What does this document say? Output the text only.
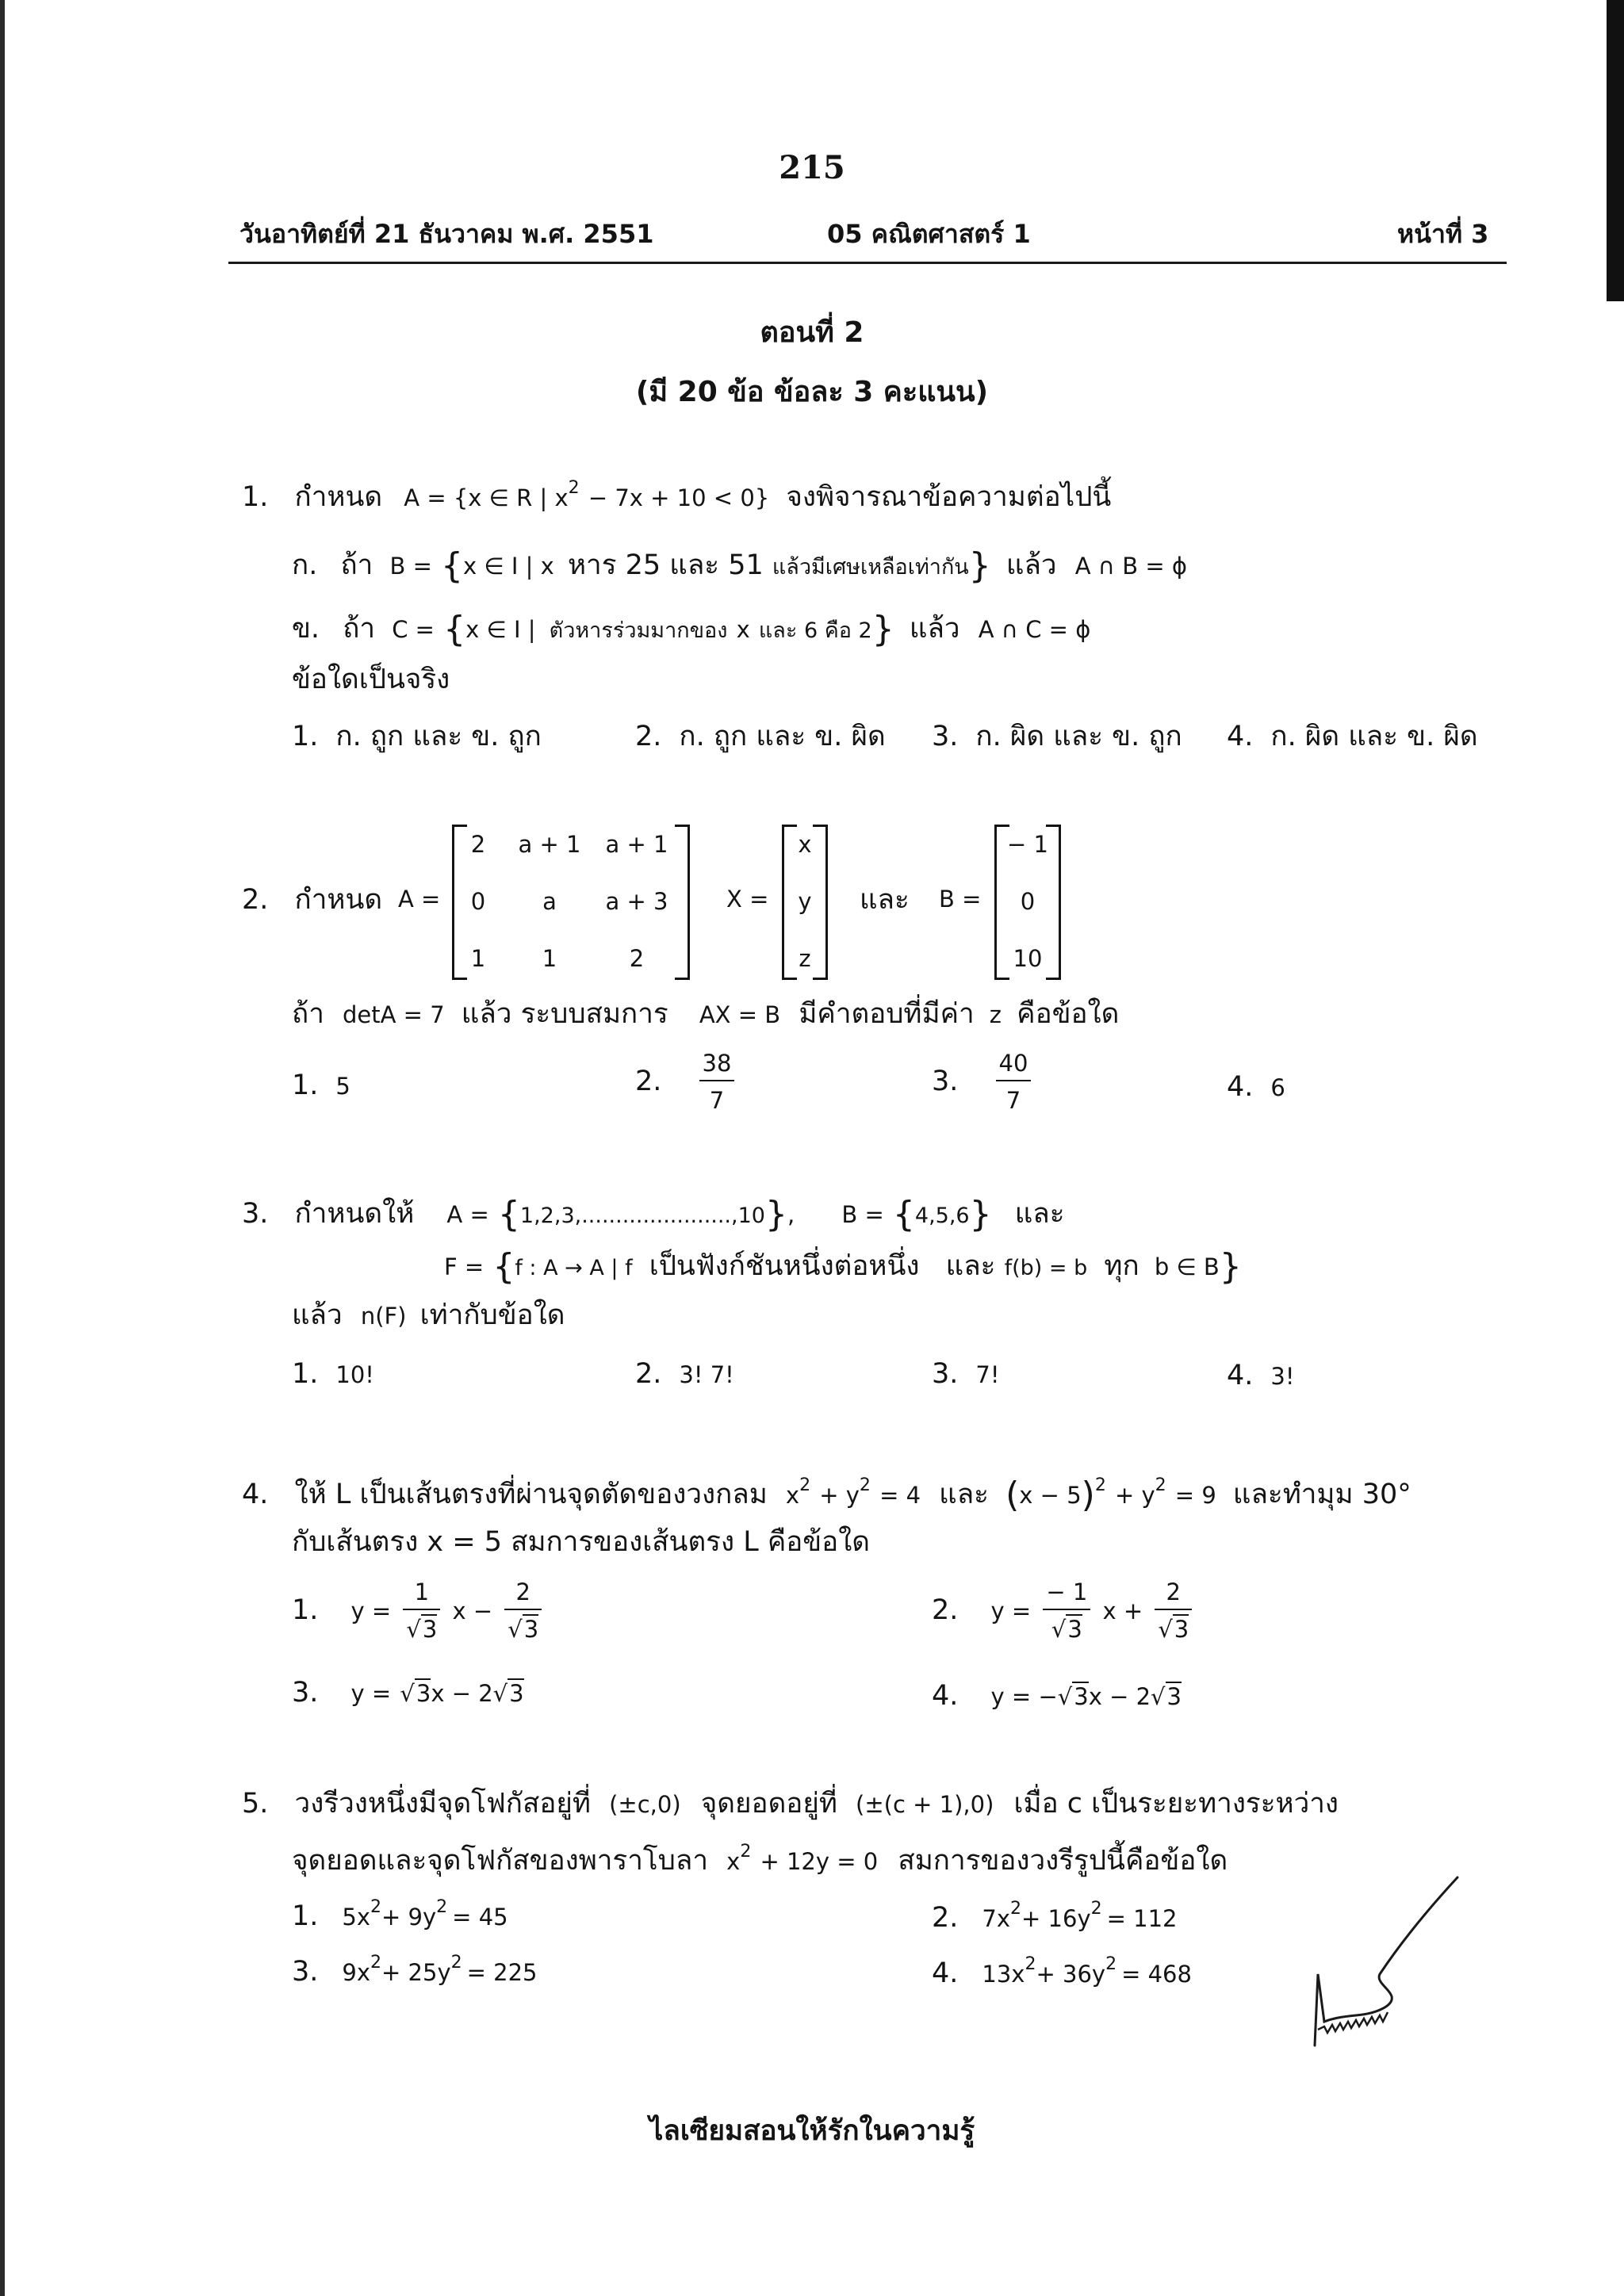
215
วันอาทิตย์ที่ 21 ธันวาคม พ.ศ. 2551	05 คณิตศาสตร์ 1	หน้าที่ 3
ตอนที่ 2
(มี 20 ข้อ ข้อละ 3 คะแนน)
1. กำหนด A = {x ∈ R | $x^2 - 7x + 10 < 0$} จงพิจารณาข้อความต่อไปนี้
ก. ถ้า B = {x ∈ I | x หาร 25 และ 51 แล้วมีเศษเหลือเท่ากัน} แล้ว A ∩ B = ϕ
ข. ถ้า C = {x ∈ I | ตัวหารร่วมมากของ x และ 6 คือ 2} แล้ว A ∩ C = ϕ
ข้อใดเป็นจริง
1. ก. ถูก และ ข. ถูก	2. ก. ถูก และ ข. ผิด 3. ก. ผิด และ ข. ถูก 4. ก. ผิด และ ข. ผิด
2. กำหนด A =
2	a + 1	a + 1
0	a	a + 3
1	1	2
X =
x
y
z
และ B =
− 1
0
10
ถ้า detA = 7 แล้ว ระบบสมการ AX = B มีคำตอบที่มีค่า z คือข้อใด
1. 5	2. $\frac{38}{7}$	3. $\frac{40}{7}$	4. 6
3. กำหนดให้ A = {1,2,3,......................,10}, B = {4,5,6} และ
F = {f : A → A | f เป็นฟังก์ชันหนึ่งต่อหนึ่ง และ f(b) = b ทุก b ∈ B}
แล้ว n(F) เท่ากับข้อใด
1. 10!	2. 3! 7!	3. 7!	4. 3!
4. ให้ L เป็นเส้นตรงที่ผ่านจุดตัดของวงกลม $x^2 + y^2 = 4$ และ $(x - 5)^2 + y^2 = 9$ และทำมุม 30°
กับเส้นตรง x = 5 สมการของเส้นตรง L คือข้อใด
1. $y = \frac{1}{√3}$ $x - \frac{2}{√3}$	2. $y = \frac{- 1}{√3}$ $x + \frac{2}{√3}$
3. y = √3x − 2√3	4. y = −√3x − 2√3
5. วงรีวงหนึ่งมีจุดโฟกัสอยู่ที่ (±c,0) จุดยอดอยู่ที่ (±(c + 1),0) เมื่อ c เป็นระยะทางระหว่าง
จุดยอดและจุดโฟกัสของพาราโบลา $x^2 + 12y = 0$ สมการของวงรีรูปนี้คือข้อใด
1. $5x^2+ 9y^2 = 45$	2. $7x^2+ 16y^2 = 112$
3. $9x^2+ 25y^2 = 225$	4. $13x^2+ 36y^2 = 468$
ไลเซียมสอนให้รักในความรู้
